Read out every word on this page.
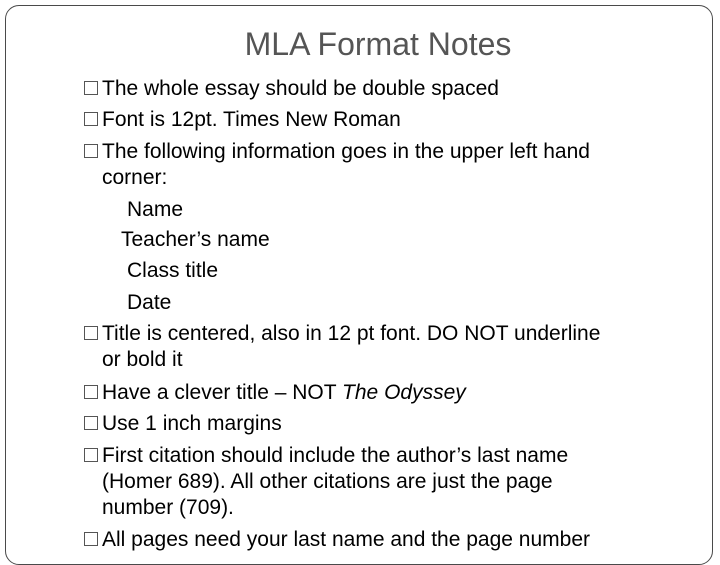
MLA Format Notes
The whole essay should be double spaced
Font is 12pt. Times New Roman
The following information goes in the upper left hand
corner:
Name
Teacher’s name
Class title
Date
Title is centered, also in 12 pt font. DO NOT underline
or bold it
Have a clever title – NOT The Odyssey
Use 1 inch margins
First citation should include the author’s last name
(Homer 689). All other citations are just the page
number (709).
All pages need your last name and the page number
